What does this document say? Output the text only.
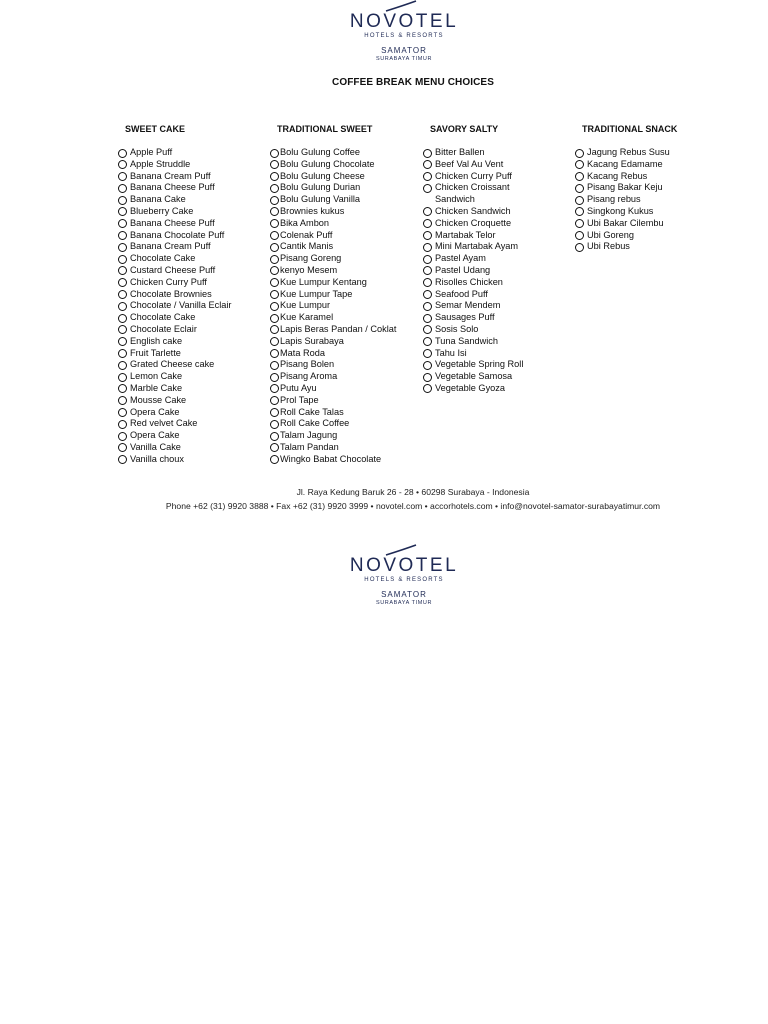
NOVOTEL
HOTELS & RESORTS
SAMATOR
SURABAYA TIMUR
COFFEE BREAK MENU CHOICES
SWEET CAKE
Apple Puff
Apple Struddle
Banana Cream Puff
Banana Cheese Puff
Banana Cake
Blueberry Cake
Banana Cheese Puff
Banana Chocolate Puff
Banana Cream Puff
Chocolate Cake
Custard Cheese Puff
Chicken Curry Puff
Chocolate Brownies
Chocolate / Vanilla Eclair
Chocolate Cake
Chocolate Eclair
English cake
Fruit Tarlette
Grated Cheese cake
Lemon Cake
Marble Cake
Mousse Cake
Opera Cake
Red velvet Cake
Opera Cake
Vanilla Cake
Vanilla choux
TRADITIONAL SWEET
Bolu Gulung Coffee
Bolu Gulung Chocolate
Bolu Gulung Cheese
Bolu Gulung Durian
Bolu Gulung Vanilla
Brownies kukus
Bika Ambon
Colenak Puff
Cantik Manis
Pisang Goreng
kenyo Mesem
Kue Lumpur Kentang
Kue Lumpur Tape
Kue Lumpur
Kue Karamel
Lapis Beras Pandan / Coklat
Lapis Surabaya
Mata Roda
Pisang Bolen
Pisang Aroma
Putu Ayu
Prol Tape
Roll Cake Talas
Roll Cake Coffee
Talam Jagung
Talam Pandan
Wingko Babat Chocolate
SAVORY SALTY
Bitter Ballen
Beef Val Au Vent
Chicken Curry Puff
Chicken Croissant Sandwich
Chicken Sandwich
Chicken Croquette
Martabak Telor
Mini Martabak Ayam
Pastel Ayam
Pastel Udang
Risolles Chicken
Seafood Puff
Semar Mendem
Sausages Puff
Sosis Solo
Tuna Sandwich
Tahu Isi
Vegetable Spring Roll
Vegetable Samosa
Vegetable Gyoza
TRADITIONAL SNACK
Jagung Rebus Susu
Kacang Edamame
Kacang Rebus
Pisang Bakar Keju
Pisang rebus
Singkong Kukus
Ubi Bakar Cilembu
Ubi Goreng
Ubi Rebus
Jl. Raya Kedung Baruk 26 - 28 • 60298 Surabaya - Indonesia
Phone +62 (31) 9920 3888 • Fax +62 (31) 9920 3999 • novotel.com • accorhotels.com • info@novotel-samator-surabayatimur.com
NOVOTEL
HOTELS & RESORTS
SAMATOR
SURABAYA TIMUR
